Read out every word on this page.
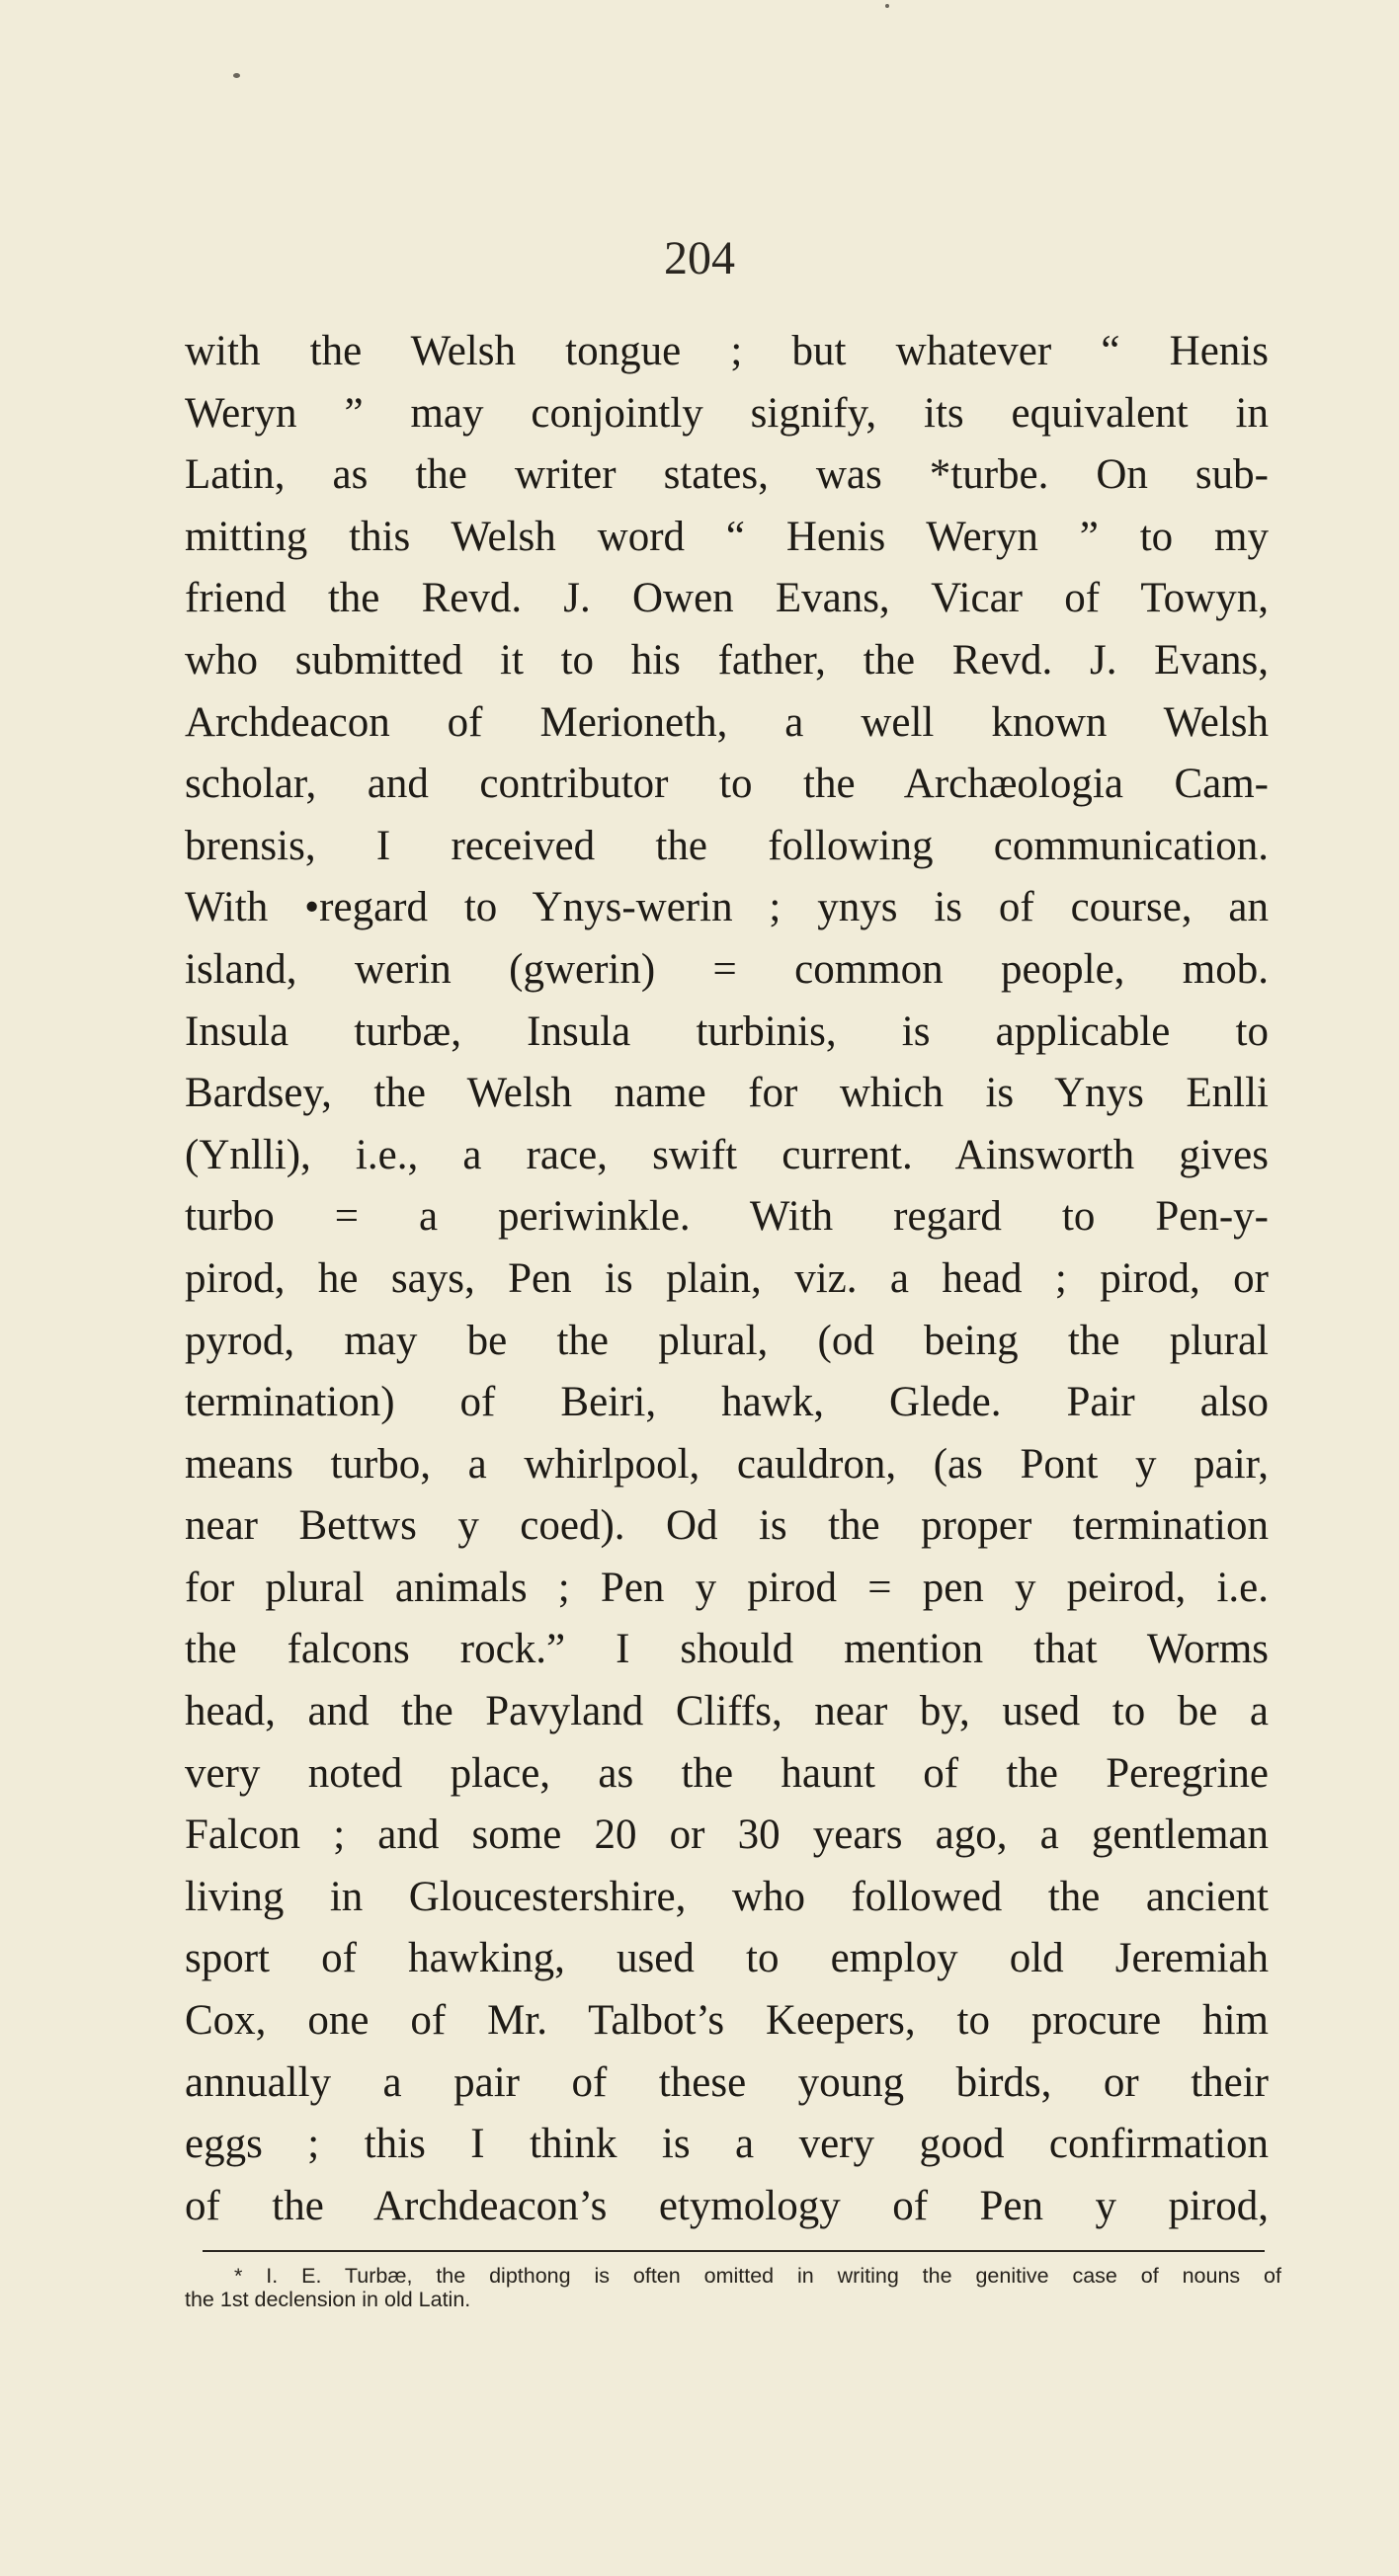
204
with the Welsh tongue ; but whatever “ Henis
Weryn ” may conjointly signify, its equivalent in
Latin, as the writer states, was *turbe. On sub-
mitting this Welsh word “ Henis Weryn ” to my
friend the Revd. J. Owen Evans, Vicar of Towyn,
who submitted it to his father, the Revd. J. Evans,
Archdeacon of Merioneth, a well known Welsh
scholar, and contributor to the Archæologia Cam-
brensis, I received the following communication.
With •regard to Ynys-werin ; ynys is of course, an
island, werin (gwerin) = common people, mob.
Insula turbæ, Insula turbinis, is applicable to
Bardsey, the Welsh name for which is Ynys Enlli
(Ynlli), i.e., a race, swift current. Ainsworth gives
turbo = a periwinkle. With regard to Pen-y-
pirod, he says, Pen is plain, viz. a head ; pirod, or
pyrod, may be the plural, (od being the plural
termination) of Beiri, hawk, Glede. Pair also
means turbo, a whirlpool, cauldron, (as Pont y pair,
near Bettws y coed). Od is the proper termination
for plural animals ; Pen y pirod = pen y peirod, i.e.
the falcons rock.” I should mention that Worms
head, and the Pavyland Cliffs, near by, used to be a
very noted place, as the haunt of the Peregrine
Falcon ; and some 20 or 30 years ago, a gentleman
living in Gloucestershire, who followed the ancient
sport of hawking, used to employ old Jeremiah
Cox, one of Mr. Talbot’s Keepers, to procure him
annually a pair of these young birds, or their
eggs ; this I think is a very good confirmation
of the Archdeacon’s etymology of Pen y pirod,
* I. E. Turbæ, the dipthong is often omitted in writing the genitive case of nouns of
the 1st declension in old Latin.
